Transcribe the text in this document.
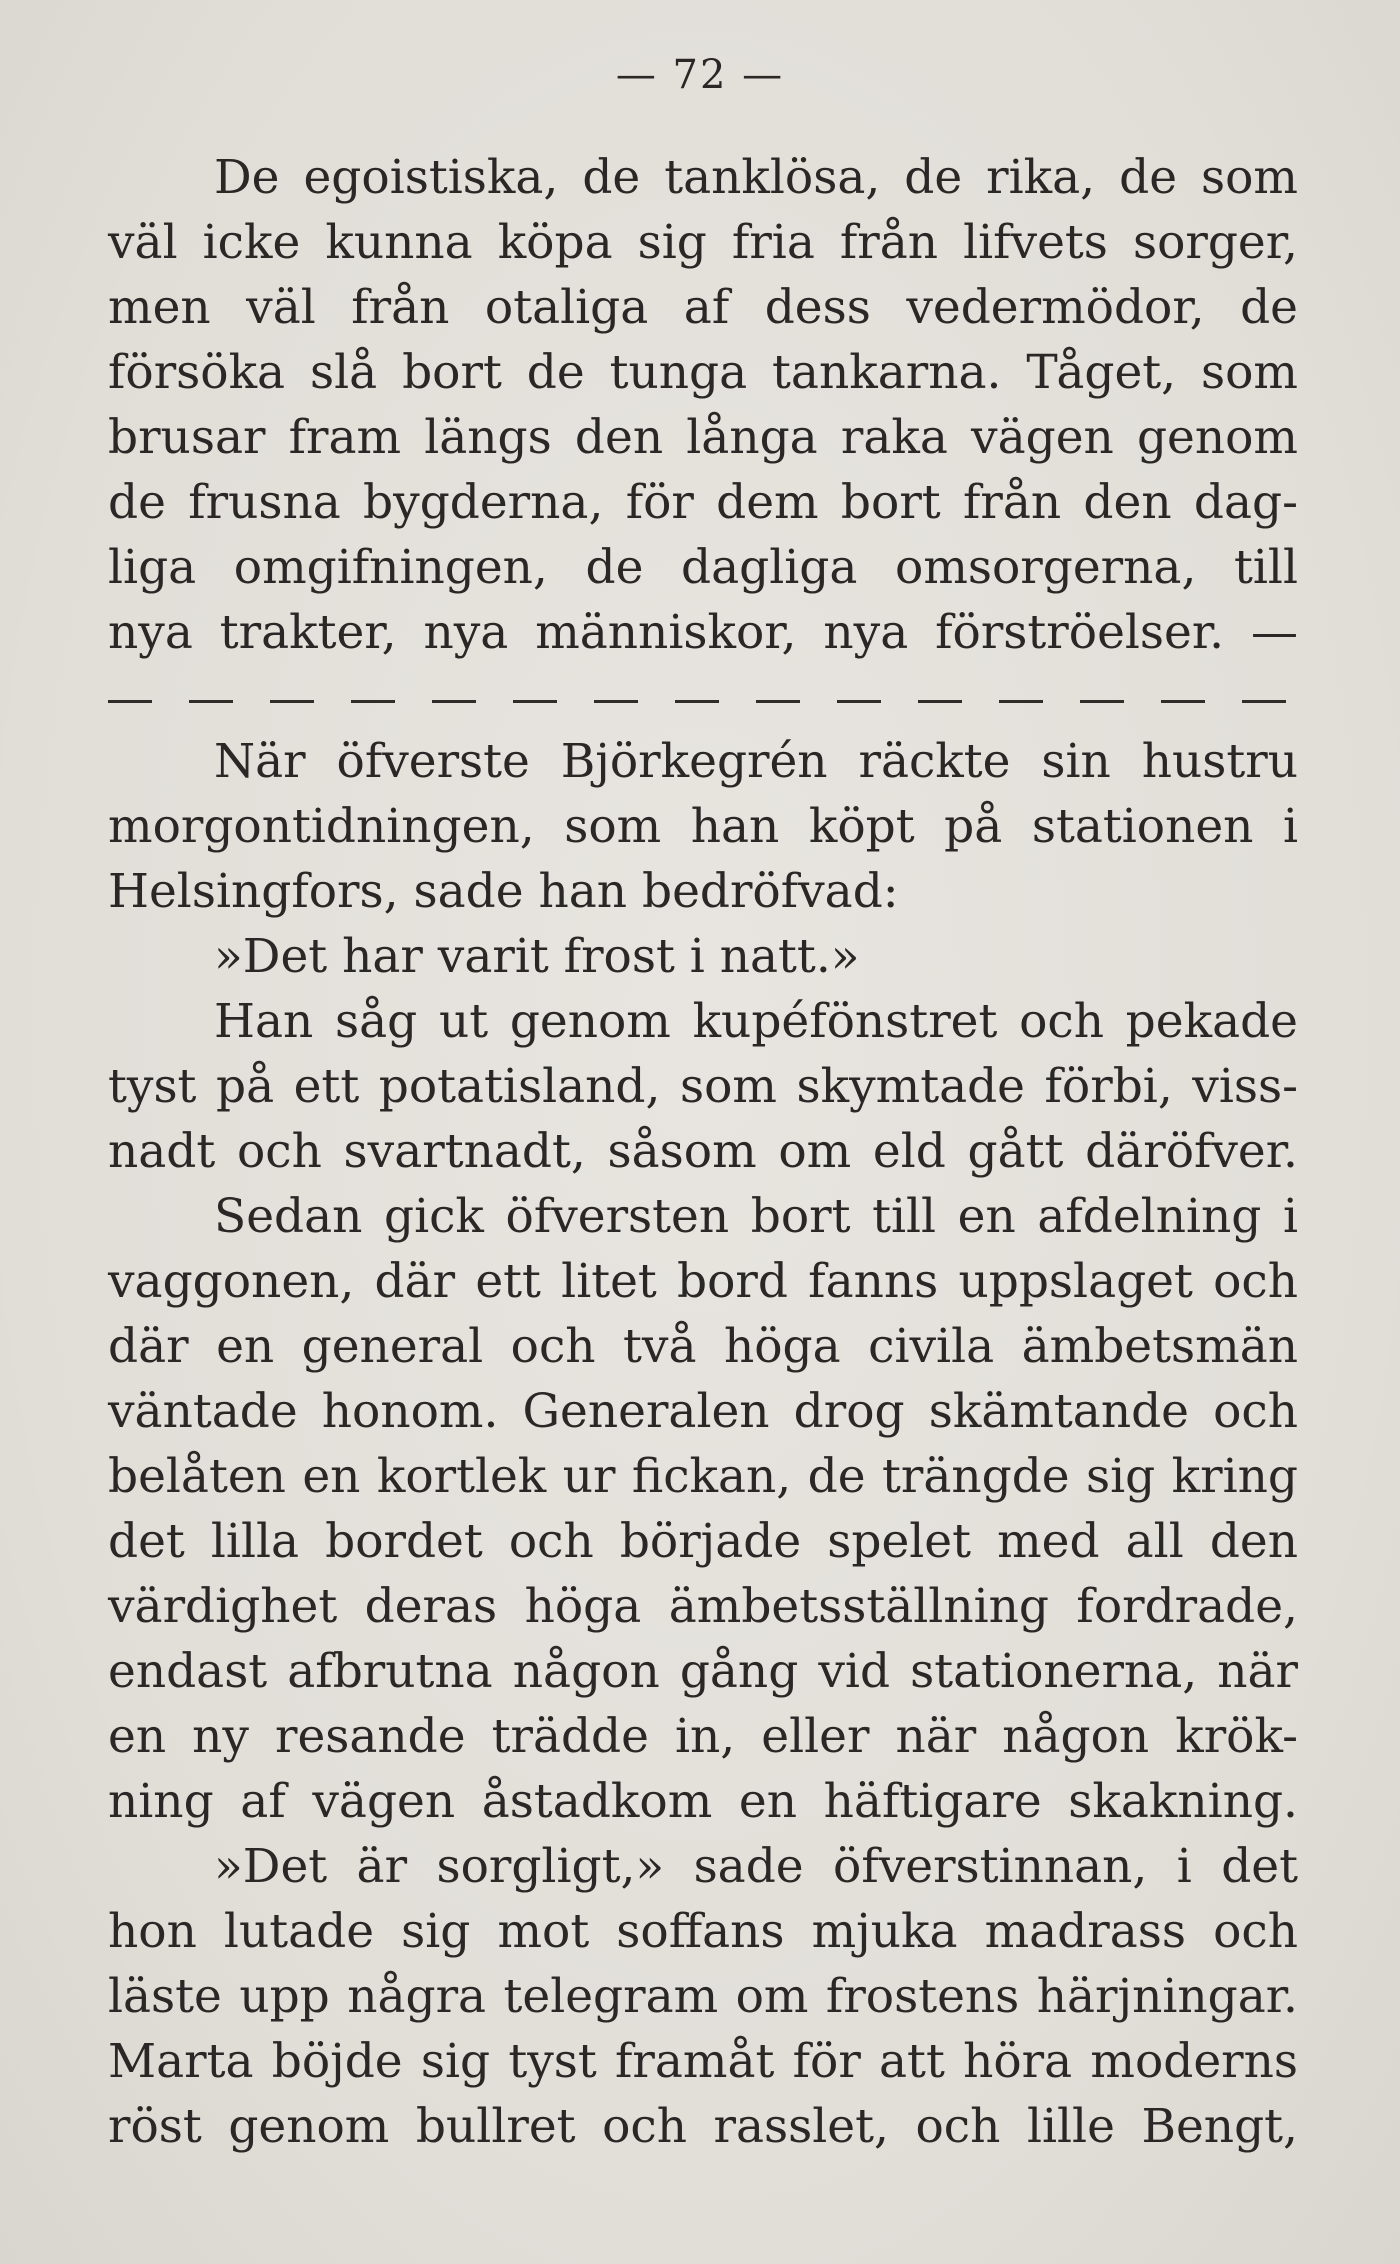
— 72 —
De egoistiska, de tanklösa, de rika, de som
väl icke kunna köpa sig fria från lifvets sorger,
men väl från otaliga af dess vedermödor, de
försöka slå bort de tunga tankarna. Tåget, som
brusar fram längs den långa raka vägen genom
de frusna bygderna, för dem bort från den dag-
liga omgifningen, de dagliga omsorgerna, till
nya trakter, nya människor, nya förströelser. —
När öfverste Björkegrén räckte sin hustru
morgontidningen, som han köpt på stationen i
Helsingfors, sade han bedröfvad:
»Det har varit frost i natt.»
Han såg ut genom kupéfönstret och pekade
tyst på ett potatisland, som skymtade förbi, viss-
nadt och svartnadt, såsom om eld gått däröfver.
Sedan gick öfversten bort till en afdelning i
vaggonen, där ett litet bord fanns uppslaget och
där en general och två höga civila ämbetsmän
väntade honom. Generalen drog skämtande och
belåten en kortlek ur fickan, de trängde sig kring
det lilla bordet och började spelet med all den
värdighet deras höga ämbetsställning fordrade,
endast afbrutna någon gång vid stationerna, när
en ny resande trädde in, eller när någon krök-
ning af vägen åstadkom en häftigare skakning.
»Det är sorgligt,» sade öfverstinnan, i det
hon lutade sig mot soffans mjuka madrass och
läste upp några telegram om frostens härjningar.
Marta böjde sig tyst framåt för att höra moderns
röst genom bullret och rasslet, och lille Bengt,
